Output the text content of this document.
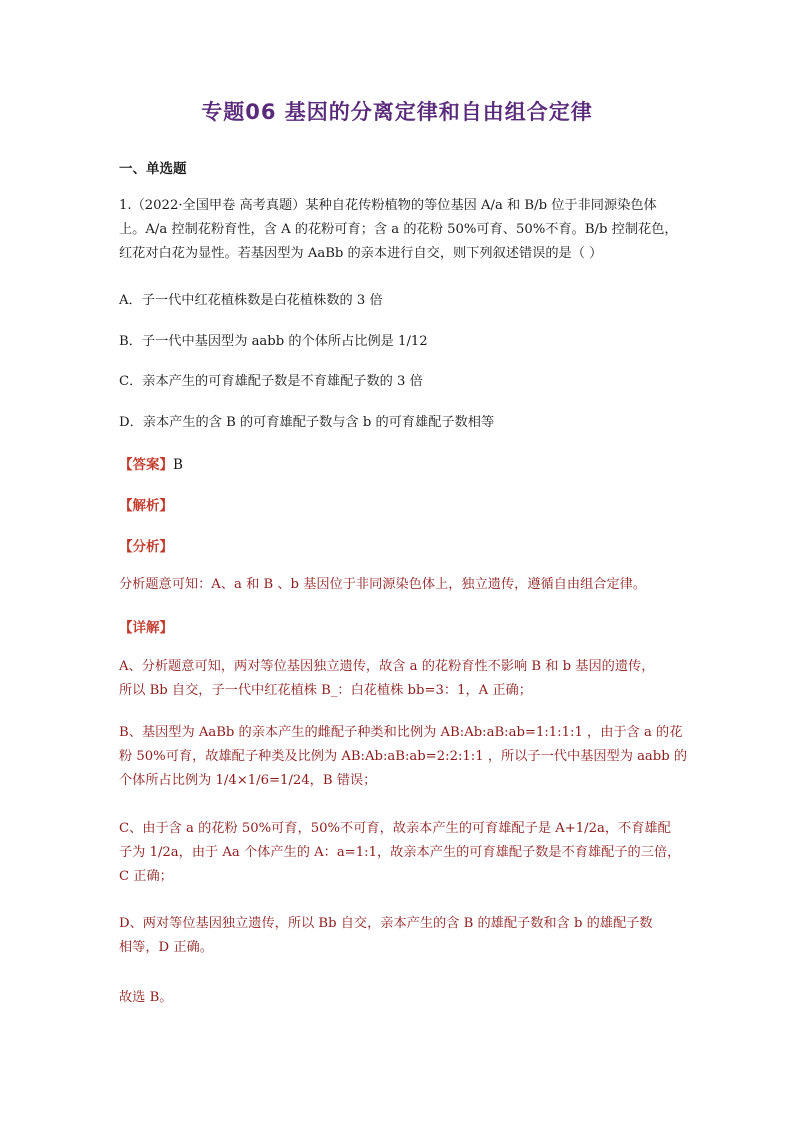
专题06 基因的分离定律和自由组合定律
一、单选题
1.（2022·全国甲卷 高考真题）某种自花传粉植物的等位基因 A/a 和 B/b 位于非同源染色体
上。A/a 控制花粉育性，含 A 的花粉可育；含 a 的花粉 50%可育、50%不育。B/b 控制花色，
红花对白花为显性。若基因型为 AaBb 的亲本进行自交，则下列叙述错误的是（ ）
A．子一代中红花植株数是白花植株数的 3 倍
B．子一代中基因型为 aabb 的个体所占比例是 1/12
C．亲本产生的可育雄配子数是不育雄配子数的 3 倍
D．亲本产生的含 B 的可育雄配子数与含 b 的可育雄配子数相等
【答案】B
【解析】
【分析】
分析题意可知：A、a 和 B 、b 基因位于非同源染色体上，独立遗传，遵循自由组合定律。
【详解】
A、分析题意可知，两对等位基因独立遗传，故含 a 的花粉育性不影响 B 和 b 基因的遗传，
所以 Bb 自交，子一代中红花植株 B_：白花植株 bb=3：1，A 正确；
B、基因型为 AaBb 的亲本产生的雌配子种类和比例为 AB:Ab:aB:ab=1:1:1:1 ，由于含 a 的花
粉 50%可育，故雄配子种类及比例为 AB:Ab:aB:ab=2:2:1:1 ，所以子一代中基因型为 aabb 的
个体所占比例为 1/4×1/6=1/24，B 错误；
C、由于含 a 的花粉 50%可育，50%不可育，故亲本产生的可育雄配子是 A+1/2a，不育雄配
子为 1/2a，由于 Aa 个体产生的 A：a=1:1，故亲本产生的可育雄配子数是不育雄配子的三倍，
C 正确；
D、两对等位基因独立遗传，所以 Bb 自交，亲本产生的含 B 的雄配子数和含 b 的雄配子数
相等，D 正确。
故选 B。
